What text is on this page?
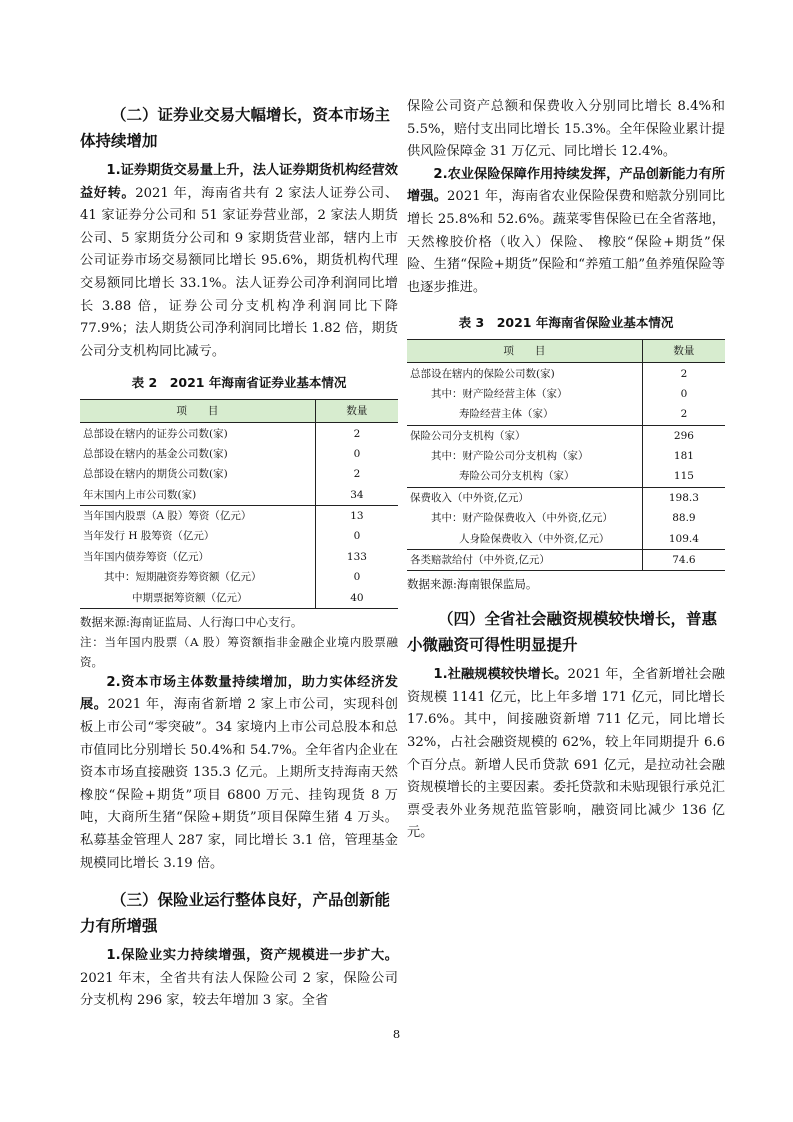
（二）证券业交易大幅增长，资本市场主体持续增加

1.证券期货交易量上升，法人证券期货机构经营效益好转。2021 年，海南省共有 2 家法人证券公司、41 家证券分公司和 51 家证券营业部，2 家法人期货公司、5 家期货分公司和 9 家期货营业部，辖内上市公司证券市场交易额同比增长 95.6%，期货机构代理交易额同比增长 33.1%。法人证券公司净利润同比增长 3.88 倍，证券公司分支机构净利润同比下降 77.9%；法人期货公司净利润同比增长 1.82 倍，期货公司分支机构同比减亏。

表 2　2021 年海南省证券业基本情况
项　　目	数量
总部设在辖内的证券公司数(家)	2
总部设在辖内的基金公司数(家)	0
总部设在辖内的期货公司数(家)	2
年末国内上市公司数(家)	34
当年国内股票（A 股）筹资（亿元）	13
当年发行 H 股筹资（亿元）	0
当年国内债券筹资（亿元）	133
其中：短期融资券筹资额（亿元）	0
中期票据筹资额（亿元）	40

数据来源:海南证监局、人行海口中心支行。

注：当年国内股票（A 股）筹资额指非金融企业境内股票融资。

2.资本市场主体数量持续增加，助力实体经济发展。2021 年，海南省新增 2 家上市公司，实现科创板上市公司“零突破”。34 家境内上市公司总股本和总市值同比分别增长 50.4%和 54.7%。全年省内企业在资本市场直接融资 135.3 亿元。上期所支持海南天然橡胶“保险+期货”项目 6800 万元、挂钩现货 8 万吨，大商所生猪“保险+期货”项目保障生猪 4 万头。私募基金管理人 287 家，同比增长 3.1 倍，管理基金规模同比增长 3.19 倍。

（三）保险业运行整体良好，产品创新能力有所增强

1.保险业实力持续增强，资产规模进一步扩大。2021 年末，全省共有法人保险公司 2 家，保险公司分支机构 296 家，较去年增加 3 家。全省

保险公司资产总额和保费收入分别同比增长 8.4%和 5.5%，赔付支出同比增长 15.3%。全年保险业累计提供风险保障金 31 万亿元、同比增长 12.4%。

2.农业保险保障作用持续发挥，产品创新能力有所增强。2021 年，海南省农业保险保费和赔款分别同比增长 25.8%和 52.6%。蔬菜零售保险已在全省落地，天然橡胶价格（收入）保险、 橡胶“保险+期货”保险、生猪“保险+期货”保险和“养殖工船”鱼养殖保险等也逐步推进。

表 3　2021 年海南省保险业基本情况
项　　目	数量
总部设在辖内的保险公司数(家)	2
其中：财产险经营主体（家）	0
寿险经营主体（家）	2
保险公司分支机构（家）	296
其中：财产险公司分支机构（家）	181
寿险公司分支机构（家）	115
保费收入（中外资,亿元）	198.3
其中：财产险保费收入（中外资,亿元）	88.9
人身险保费收入（中外资,亿元）	109.4
各类赔款给付（中外资,亿元）	74.6

数据来源:海南银保监局。

（四）全省社会融资规模较快增长，普惠小微融资可得性明显提升

1.社融规模较快增长。2021 年，全省新增社会融资规模 1141 亿元，比上年多增 171 亿元，同比增长 17.6%。其中，间接融资新增 711 亿元，同比增长 32%，占社会融资规模的 62%，较上年同期提升 6.6 个百分点。新增人民币贷款 691 亿元，是拉动社会融资规模增长的主要因素。委托贷款和未贴现银行承兑汇票受表外业务规范监管影响，融资同比减少 136 亿元。

8
